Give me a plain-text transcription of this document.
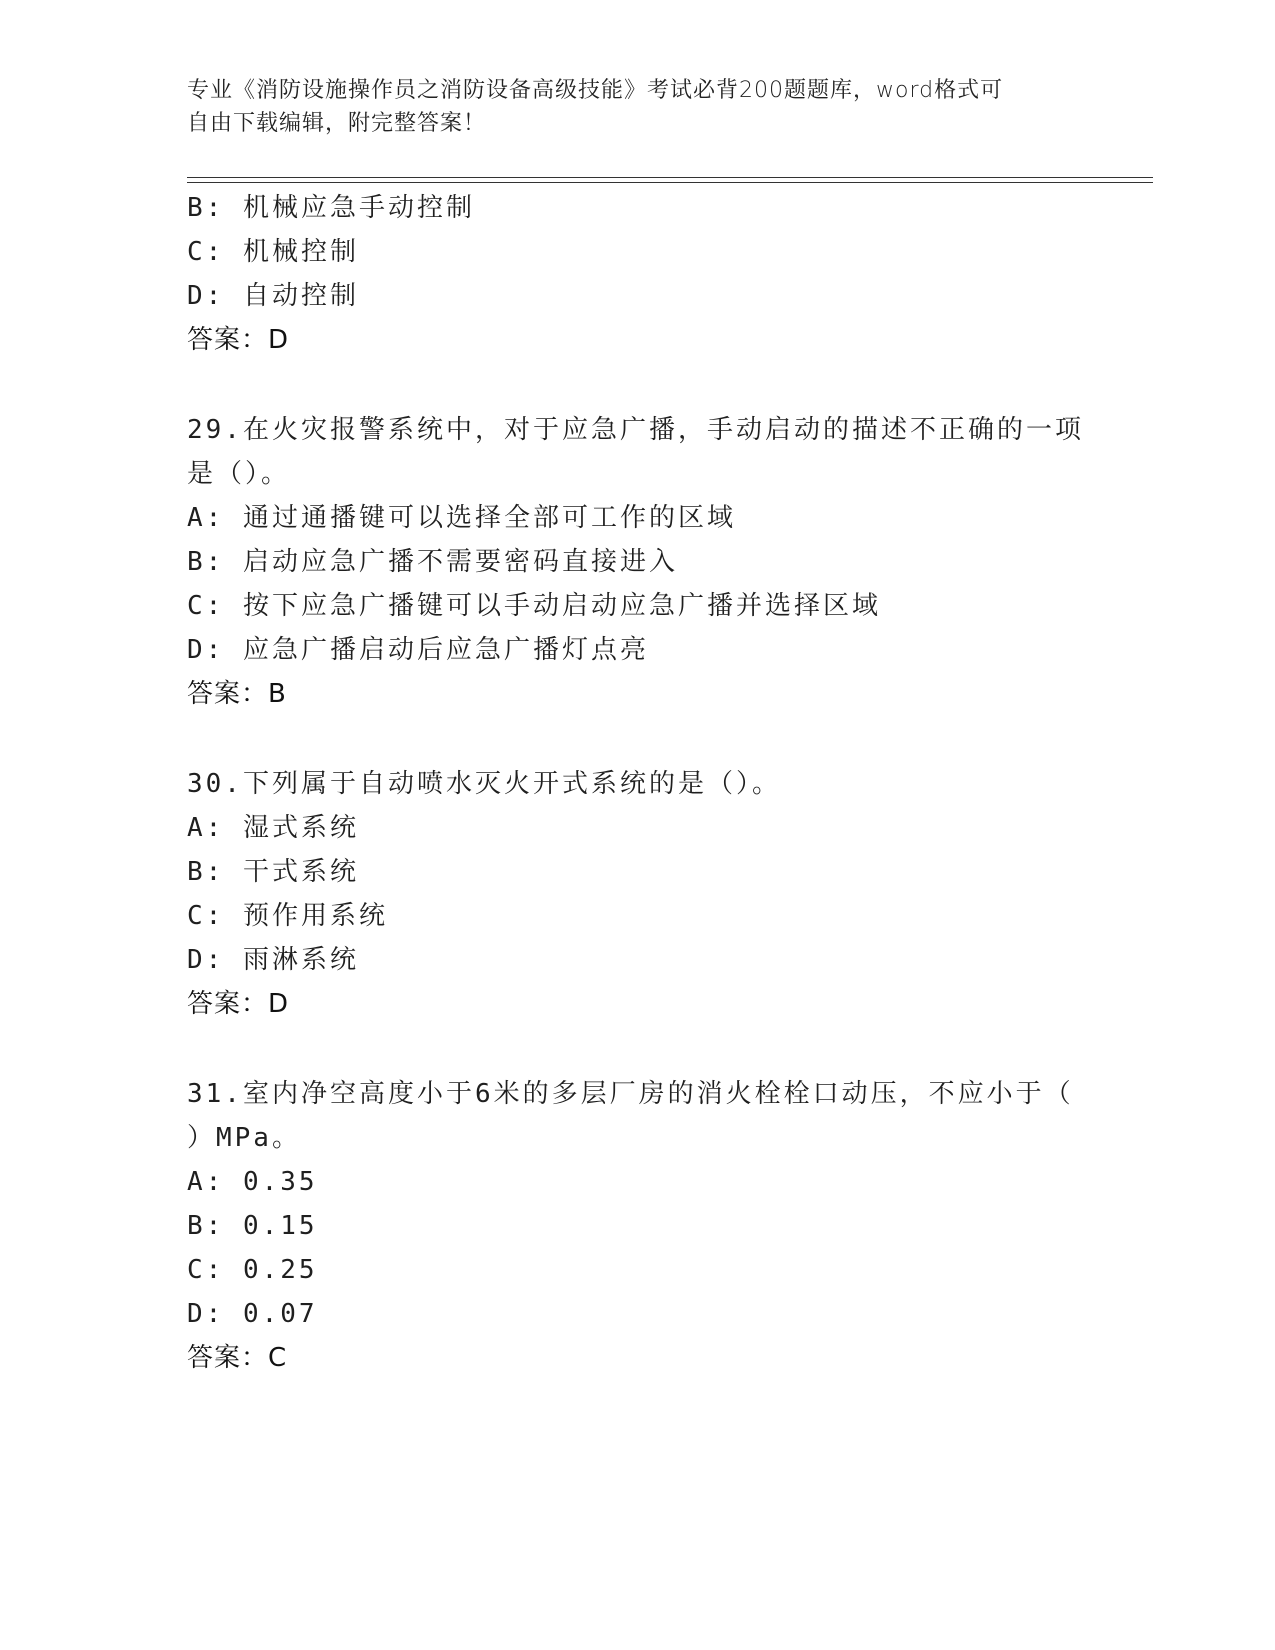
专业《消防设施操作员之消防设备高级技能》考试必背200题题库，word格式可
自由下载编辑，附完整答案！
B: 机械应急手动控制
C: 机械控制
D: 自动控制
答案：D
29.在火灾报警系统中，对于应急广播，手动启动的描述不正确的一项
是（）。
A: 通过通播键可以选择全部可工作的区域
B: 启动应急广播不需要密码直接进入
C: 按下应急广播键可以手动启动应急广播并选择区域
D: 应急广播启动后应急广播灯点亮
答案：B
30.下列属于自动喷水灭火开式系统的是（）。
A: 湿式系统
B: 干式系统
C: 预作用系统
D: 雨淋系统
答案：D
31.室内净空高度小于6米的多层厂房的消火栓栓口动压，不应小于（
）MPa。
A: 0.35
B: 0.15
C: 0.25
D: 0.07
答案：C
